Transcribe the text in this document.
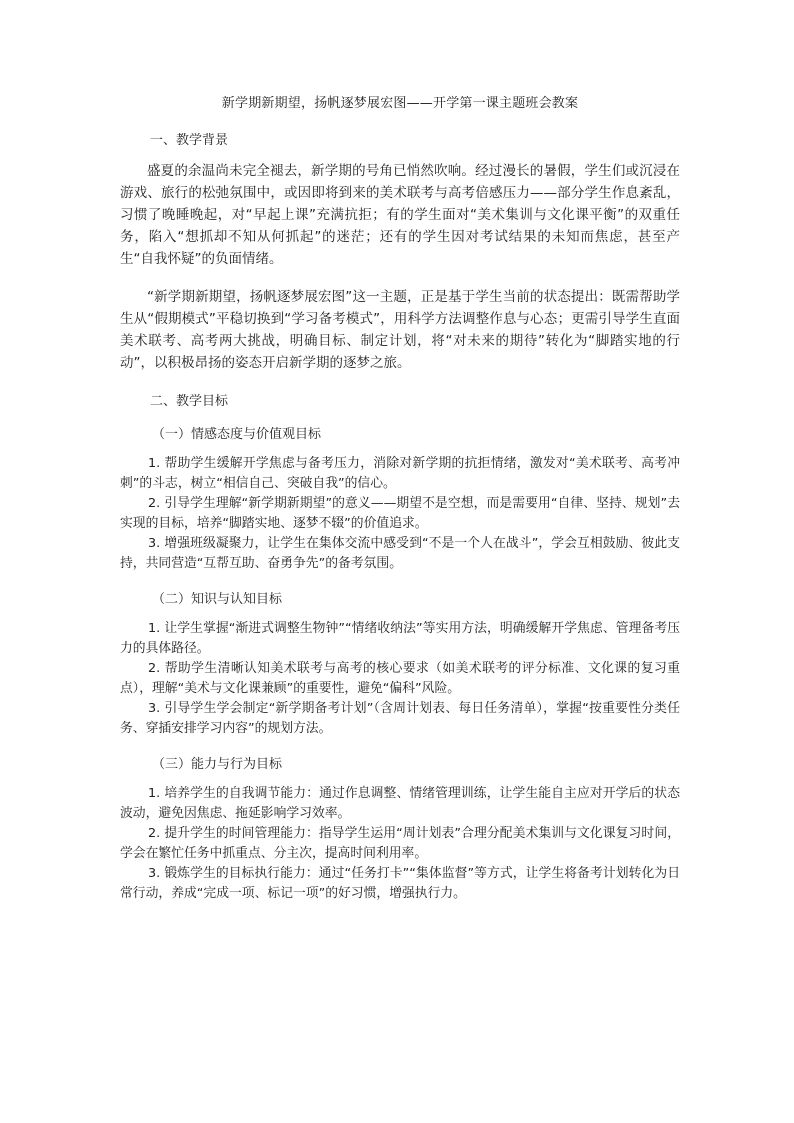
新学期新期望，扬帆逐梦展宏图——开学第一课主题班会教案
一、教学背景

盛夏的余温尚未完全褪去，新学期的号角已悄然吹响。经过漫长的暑假，学生们或沉浸在游戏、旅行的松弛氛围中，或因即将到来的美术联考与高考倍感压力——部分学生作息紊乱，习惯了晚睡晚起，对“早起上课”充满抗拒；有的学生面对“美术集训与文化课平衡”的双重任务，陷入“想抓却不知从何抓起”的迷茫；还有的学生因对考试结果的未知而焦虑，甚至产生“自我怀疑”的负面情绪。

“新学期新期望，扬帆逐梦展宏图”这一主题，正是基于学生当前的状态提出：既需帮助学生从“假期模式”平稳切换到“学习备考模式”，用科学方法调整作息与心态；更需引导学生直面美术联考、高考两大挑战，明确目标、制定计划，将“对未来的期待”转化为“脚踏实地的行动”，以积极昂扬的姿态开启新学期的逐梦之旅。

二、教学目标
（一）情感态度与价值观目标

1. 帮助学生缓解开学焦虑与备考压力，消除对新学期的抗拒情绪，激发对“美术联考、高考冲刺”的斗志，树立“相信自己、突破自我”的信心。

2. 引导学生理解“新学期新期望”的意义——期望不是空想，而是需要用“自律、坚持、规划”去实现的目标，培养“脚踏实地、逐梦不辍”的价值追求。

3. 增强班级凝聚力，让学生在集体交流中感受到“不是一个人在战斗”，学会互相鼓励、彼此支持，共同营造“互帮互助、奋勇争先”的备考氛围。

（二）知识与认知目标

1. 让学生掌握“渐进式调整生物钟”“情绪收纳法”等实用方法，明确缓解开学焦虑、管理备考压力的具体路径。

2. 帮助学生清晰认知美术联考与高考的核心要求（如美术联考的评分标准、文化课的复习重点），理解“美术与文化课兼顾”的重要性，避免“偏科”风险。

3. 引导学生学会制定“新学期备考计划”（含周计划表、每日任务清单），掌握“按重要性分类任务、穿插安排学习内容”的规划方法。

（三）能力与行为目标

1. 培养学生的自我调节能力：通过作息调整、情绪管理训练，让学生能自主应对开学后的状态波动，避免因焦虑、拖延影响学习效率。

2. 提升学生的时间管理能力：指导学生运用“周计划表”合理分配美术集训与文化课复习时间，学会在繁忙任务中抓重点、分主次，提高时间利用率。

3. 锻炼学生的目标执行能力：通过“任务打卡”“集体监督”等方式，让学生将备考计划转化为日常行动，养成“完成一项、标记一项”的好习惯，增强执行力。
